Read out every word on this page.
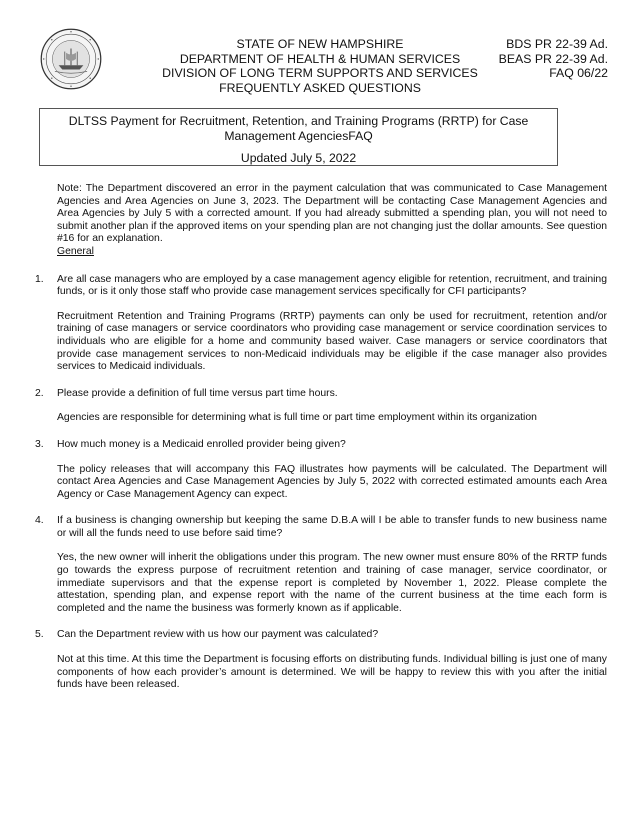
STATE OF NEW HAMPSHIRE
DEPARTMENT OF HEALTH & HUMAN SERVICES
DIVISION OF LONG TERM SUPPORTS AND SERVICES
FREQUENTLY ASKED QUESTIONS
BDS PR 22-39 Ad.
BEAS PR 22-39 Ad.
FAQ 06/22
DLTSS Payment for Recruitment, Retention, and Training Programs (RRTP) for Case
Management AgenciesFAQ
Updated July 5, 2022

Note: The Department discovered an error in the payment calculation that was communicated to Case Management Agencies and Area Agencies on June 3, 2023. The Department will be contacting Case Management Agencies and Area Agencies by July 5 with a corrected amount. If you had already submitted a spending plan, you will not need to submit another plan if the approved items on your spending plan are not changing just the dollar amounts. See question #16 for an explanation.

General
1. Are all case managers who are employed by a case management agency eligible for retention, recruitment, and training funds, or is it only those staff who provide case management services specifically for CFI participants?

Recruitment Retention and Training Programs (RRTP) payments can only be used for recruitment, retention and/or training of case managers or service coordinators who providing case management or service coordination services to individuals who are eligible for a home and community based waiver. Case managers or service coordinators that provide case management services to non-Medicaid individuals may be eligible if the case manager also provides services to Medicaid individuals.

2. Please provide a definition of full time versus part time hours.

Agencies are responsible for determining what is full time or part time employment within its organization

3. How much money is a Medicaid enrolled provider being given?

The policy releases that will accompany this FAQ illustrates how payments will be calculated. The Department will contact Area Agencies and Case Management Agencies by July 5, 2022 with corrected estimated amounts each Area Agency or Case Management Agency can expect.

4. If a business is changing ownership but keeping the same D.B.A will I be able to transfer funds to new business name or will all the funds need to use before said time?

Yes, the new owner will inherit the obligations under this program. The new owner must ensure 80% of the RRTP funds go towards the express purpose of recruitment retention and training of case manager, service coordinator, or immediate supervisors and that the expense report is completed by November 1, 2022. Please complete the attestation, spending plan, and expense report with the name of the current business at the time each form is completed and the name the business was formerly known as if applicable.

5. Can the Department review with us how our payment was calculated?

Not at this time. At this time the Department is focusing efforts on distributing funds. Individual billing is just one of many components of how each provider’s amount is determined. We will be happy to review this with you after the initial funds have been released.
